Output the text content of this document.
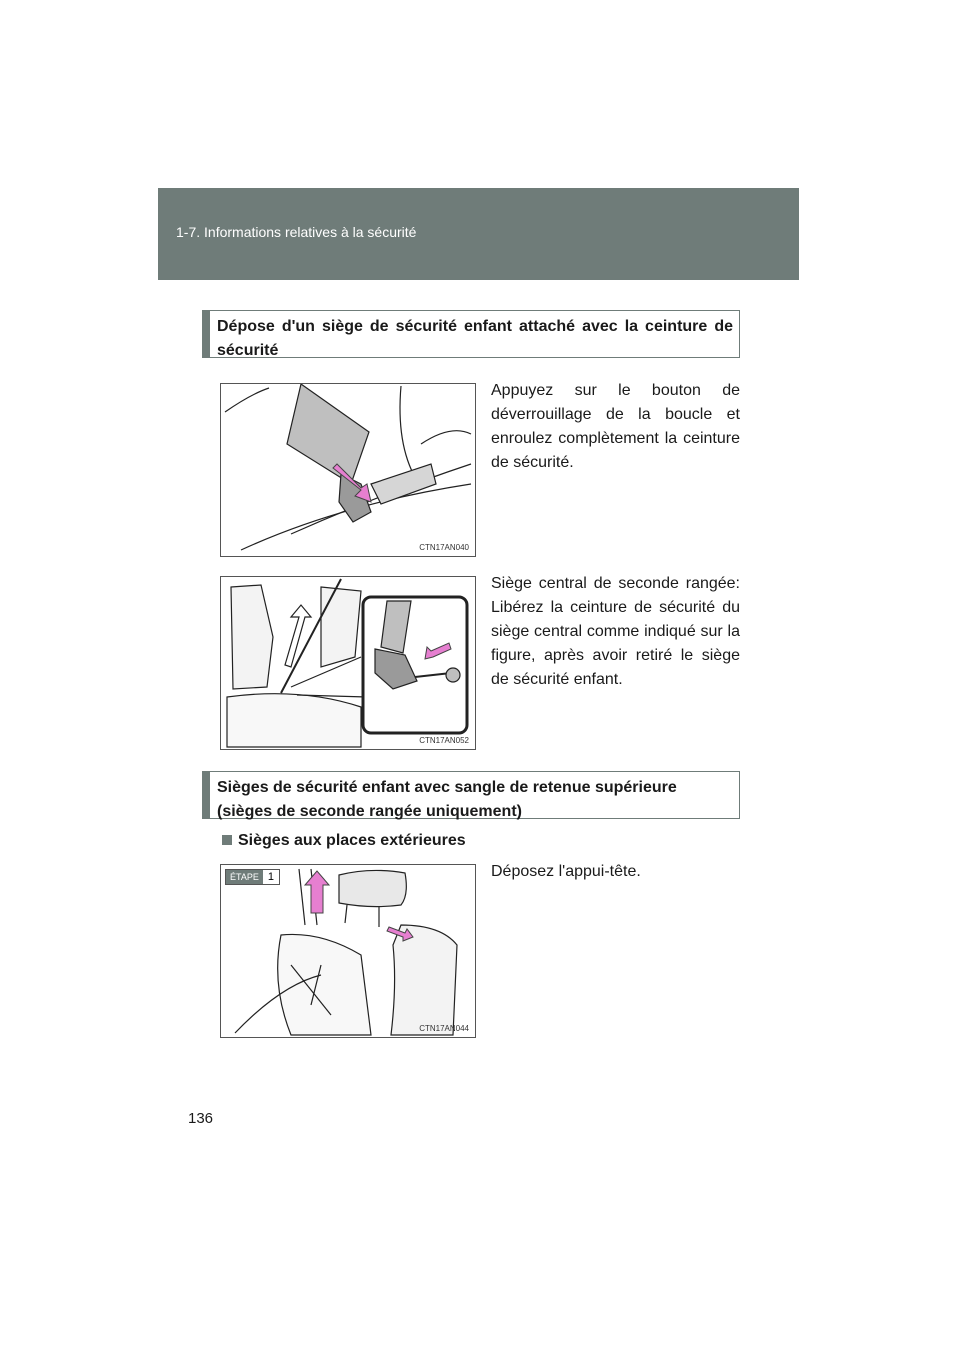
1-7. Informations relatives à la sécurité
Dépose d'un siège de sécurité enfant attaché avec la ceinture de sécurité
CTN17AN040
Appuyez sur le bouton de déverrouillage de la boucle et enroulez complètement la ceinture de sécurité.
CTN17AN052
Siège central de seconde rangée: Libérez la ceinture de sécurité du siège central comme indiqué sur la figure, après avoir retiré le siège de sécurité enfant.
Sièges de sécurité enfant avec sangle de retenue supérieure (sièges de seconde rangée uniquement)
Sièges aux places extérieures
ÉTAPE 1
CTN17AN044
Déposez l'appui-tête.
136
